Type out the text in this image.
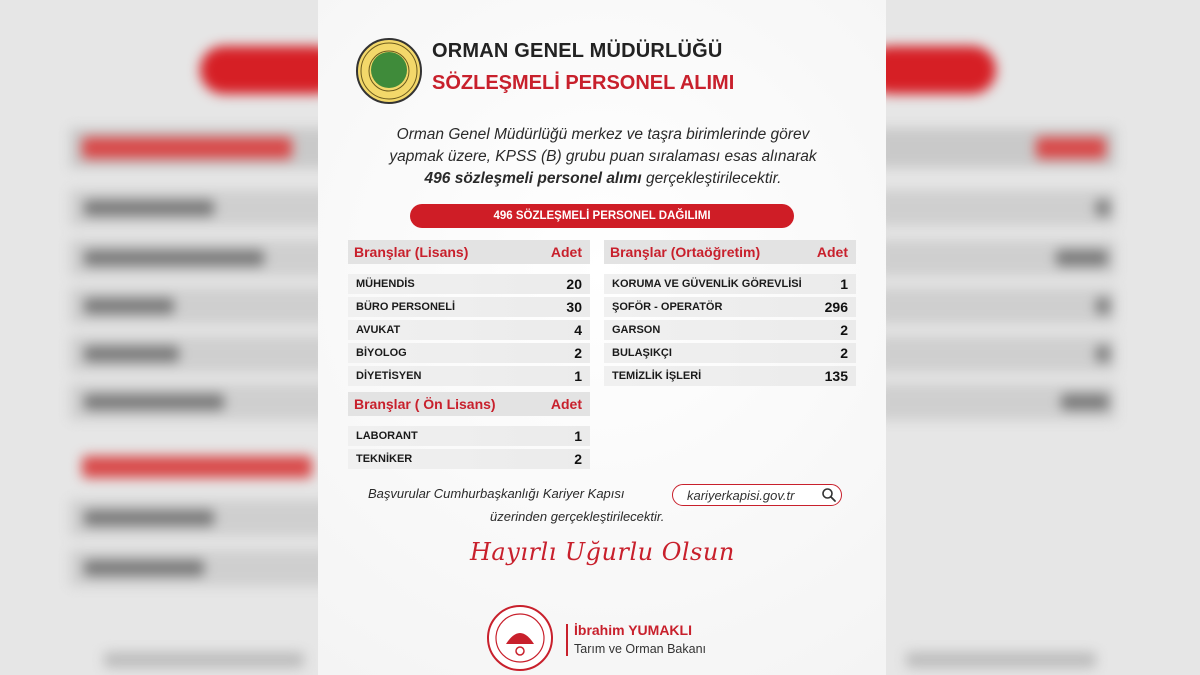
ORMAN GENEL MÜDÜRLÜĞÜ
SÖZLEŞMELİ PERSONEL ALIMI
Orman Genel Müdürlüğü merkez ve taşra birimlerinde görev
yapmak üzere, KPSS (B) grubu puan sıralaması esas alınarak
496 sözleşmeli personel alımı gerçekleştirilecektir.
496 SÖZLEŞMELİ PERSONEL DAĞILIMI
Branşlar (Lisans)	Adet
MÜHENDİS	20
BÜRO PERSONELİ	30
AVUKAT	4
BİYOLOG	2
DİYETİSYEN	1
Branşlar ( Ön Lisans)	Adet
LABORANT	1
TEKNİKER	2
Branşlar (Ortaöğretim)	Adet
KORUMA VE GÜVENLİK GÖREVLİSİ	1
ŞOFÖR - OPERATÖR	296
GARSON	2
BULAŞIKÇI	2
TEMİZLİK İŞLERİ	135
Başvurular Cumhurbaşkanlığı Kariyer Kapısı	kariyerkapisi.gov.tr
üzerinden gerçekleştirilecektir.
Hayırlı Uğurlu Olsun
İbrahim YUMAKLI
Tarım ve Orman Bakanı
